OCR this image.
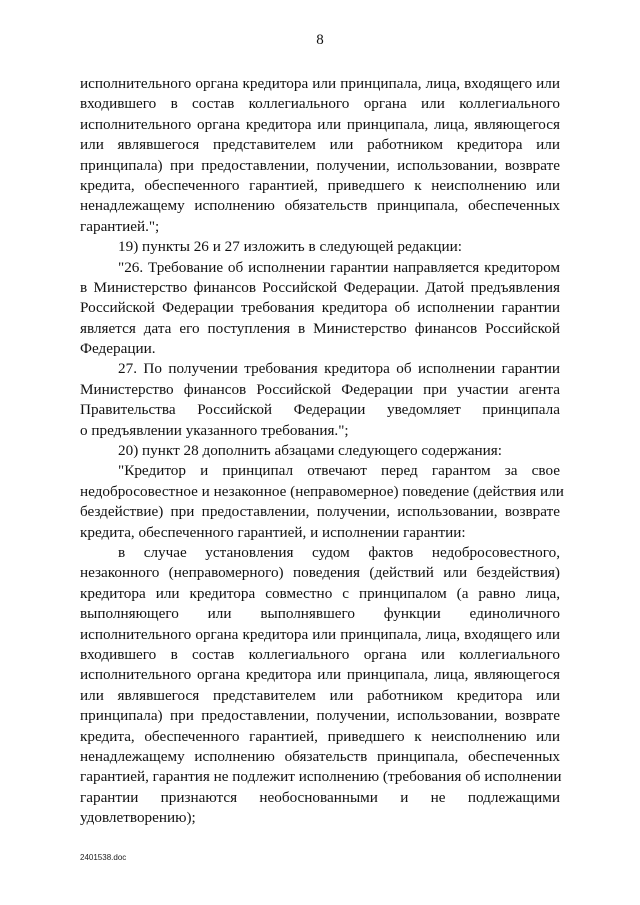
8
исполнительного органа кредитора или принципала, лица, входящего или
входившего в состав коллегиального органа или коллегиального
исполнительного органа кредитора или принципала, лица, являющегося
или являвшегося представителем или работником кредитора или
принципала) при предоставлении, получении, использовании, возврате
кредита, обеспеченного гарантией, приведшего к неисполнению или
ненадлежащему исполнению обязательств принципала, обеспеченных
гарантией.";
19) пункты 26 и 27 изложить в следующей редакции:
"26. Требование об исполнении гарантии направляется кредитором
в Министерство финансов Российской Федерации. Датой предъявления
Российской Федерации требования кредитора об исполнении гарантии
является дата его поступления в Министерство финансов Российской
Федерации.
27. По получении требования кредитора об исполнении гарантии
Министерство финансов Российской Федерации при участии агента
Правительства Российской Федерации уведомляет принципала
о предъявлении указанного требования.";
20) пункт 28 дополнить абзацами следующего содержания:
"Кредитор и принципал отвечают перед гарантом за свое
недобросовестное и незаконное (неправомерное) поведение (действия или
бездействие) при предоставлении, получении, использовании, возврате
кредита, обеспеченного гарантией, и исполнении гарантии:
в случае установления судом фактов недобросовестного,
незаконного (неправомерного) поведения (действий или бездействия)
кредитора или кредитора совместно с принципалом (а равно лица,
выполняющего или выполнявшего функции единоличного
исполнительного органа кредитора или принципала, лица, входящего или
входившего в состав коллегиального органа или коллегиального
исполнительного органа кредитора или принципала, лица, являющегося
или являвшегося представителем или работником кредитора или
принципала) при предоставлении, получении, использовании, возврате
кредита, обеспеченного гарантией, приведшего к неисполнению или
ненадлежащему исполнению обязательств принципала, обеспеченных
гарантией, гарантия не подлежит исполнению (требования об исполнении
гарантии признаются необоснованными и не подлежащими
удовлетворению);
2401538.doc
